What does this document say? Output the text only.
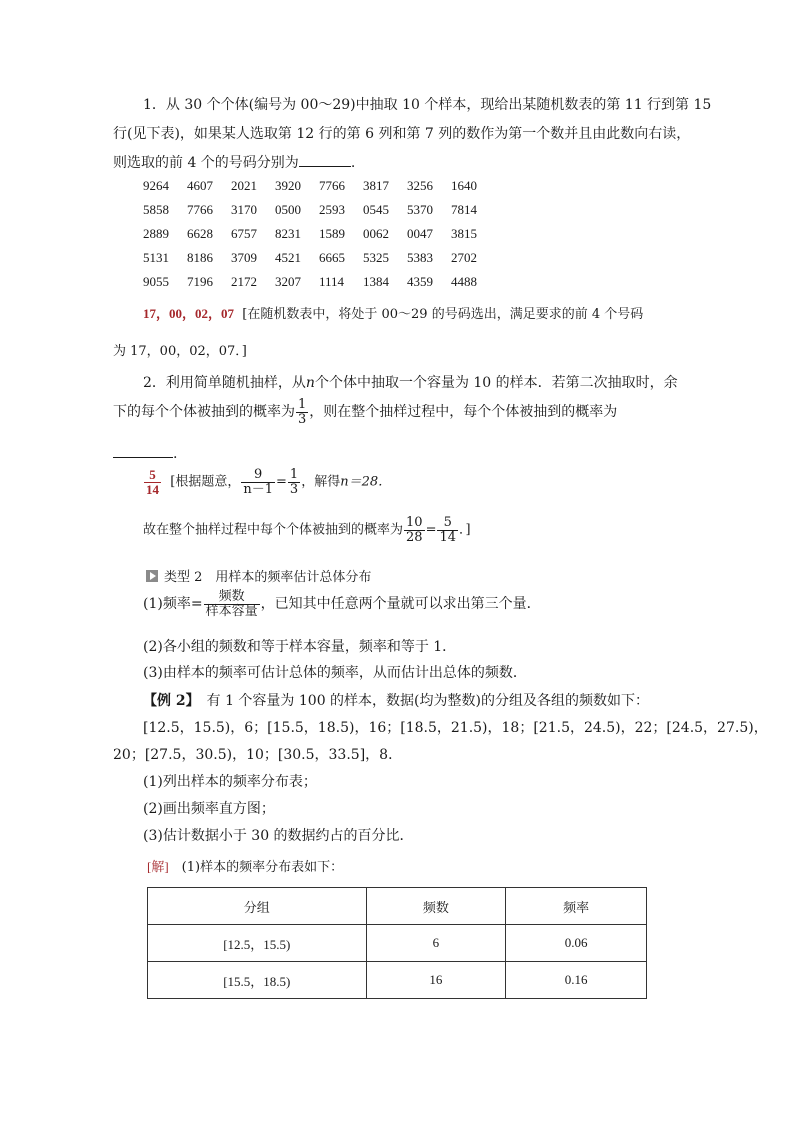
1．从 30 个个体(编号为 00～29)中抽取 10 个样本，现给出某随机数表的第 11 行到第 15
行(见下表)，如果某人选取第 12 行的第 6 列和第 7 列的数作为第一个数并且由此数向右读，
则选取的前 4 个的号码分别为	.
9264 4607 2021 3920 7766 3817 3256 1640
5858 7766 3170 0500 2593 0545 5370 7814
2889 6628 6757 8231 1589 0062 0047 3815
5131 8186 3709 4521 6665 5325 5383 2702
9055 7196 2172 3207 1114 1384 4359 4488
17，00，02，07 [在随机数表中，将处于 00～29 的号码选出，满足要求的前 4 个号码
为 17，00，02，07．]
2．利用简单随机抽样，从n个个体中抽取一个容量为 10 的样本．若第二次抽取时，余
下的每个个体被抽到的概率为 $\frac{1}{3}$ ，则在整个抽样过程中，每个个体被抽到的概率为
.
$\frac{5}{14}$ [根据题意， $\frac{9}{n-1} = \frac{1}{3}$ ，解得n＝28．
故在整个抽样过程中每个个体被抽到的概率为 $\frac{10}{28} = \frac{5}{14}$ ．]
类型 2　用样本的频率估计总体分布
(1)频率= $\frac{\text{频数}}{\text{样本容量}}$ ，已知其中任意两个量就可以求出第三个量．
(2)各小组的频数和等于样本容量，频率和等于 1．
(3)由样本的频率可估计总体的频率，从而估计出总体的频数．
【例 2】　有 1 个容量为 100 的样本，数据(均为整数)的分组及各组的频数如下：
[12.5，15.5)，6；[15.5，18.5)，16；[18.5，21.5)，18；[21.5，24.5)，22；[24.5，27.5)，
20；[27.5，30.5)，10；[30.5，33.5]，8．
(1)列出样本的频率分布表；
(2)画出频率直方图；
(3)估计数据小于 30 的数据约占的百分比．
[解]　(1)样本的频率分布表如下：
分组	频数	频率
[12.5，15.5)	6	0.06
[15.5，18.5)	16	0.16
